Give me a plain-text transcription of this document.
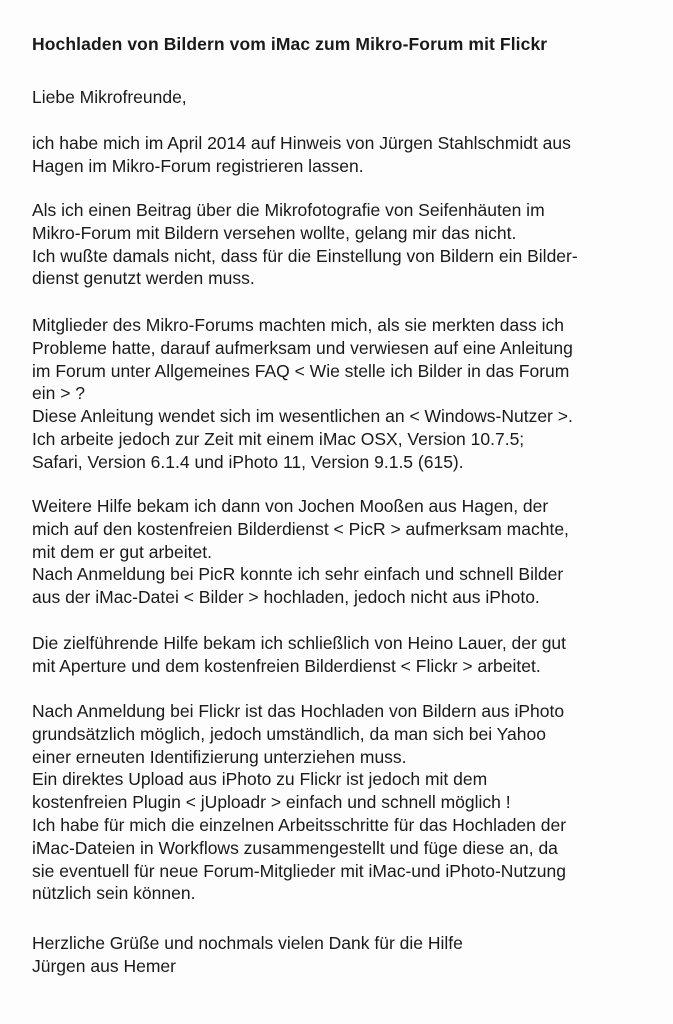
Hochladen von Bildern vom iMac zum Mikro-Forum mit Flickr
Liebe Mikrofreunde,
ich habe mich im April 2014 auf Hinweis von Jürgen Stahlschmidt aus
Hagen im Mikro-Forum registrieren lassen.
Als ich einen Beitrag über die Mikrofotografie von Seifenhäuten im
Mikro-Forum mit Bildern versehen wollte, gelang mir das nicht.
Ich wußte damals nicht, dass für die Einstellung von Bildern ein Bilder-
dienst genutzt werden muss.
Mitglieder des Mikro-Forums machten mich, als sie merkten dass ich
Probleme hatte, darauf aufmerksam und verwiesen auf eine Anleitung
im Forum unter Allgemeines FAQ < Wie stelle ich Bilder in das Forum
ein > ?
Diese Anleitung wendet sich im wesentlichen an < Windows-Nutzer >.
Ich arbeite jedoch zur Zeit mit einem iMac OSX, Version 10.7.5;
Safari, Version 6.1.4 und iPhoto 11, Version 9.1.5 (615).
Weitere Hilfe bekam ich dann von Jochen Mooßen aus Hagen, der
mich auf den kostenfreien Bilderdienst < PicR > aufmerksam machte,
mit dem er gut arbeitet.
Nach Anmeldung bei PicR konnte ich sehr einfach und schnell Bilder
aus der iMac-Datei < Bilder > hochladen, jedoch nicht aus iPhoto.
Die zielführende Hilfe bekam ich schließlich von Heino Lauer, der gut
mit Aperture und dem kostenfreien Bilderdienst < Flickr > arbeitet.
Nach Anmeldung bei Flickr ist das Hochladen von Bildern aus iPhoto
grundsätzlich möglich, jedoch umständlich, da man sich bei Yahoo
einer erneuten Identifizierung unterziehen muss.
Ein direktes Upload aus iPhoto zu Flickr ist jedoch mit dem
kostenfreien Plugin < jUploadr > einfach und schnell möglich !
Ich habe für mich die einzelnen Arbeitsschritte für das Hochladen der
iMac-Dateien in Workflows zusammengestellt und füge diese an, da
sie eventuell für neue Forum-Mitglieder mit iMac-und iPhoto-Nutzung
nützlich sein können.
Herzliche Grüße und nochmals vielen Dank für die Hilfe
Jürgen aus Hemer
